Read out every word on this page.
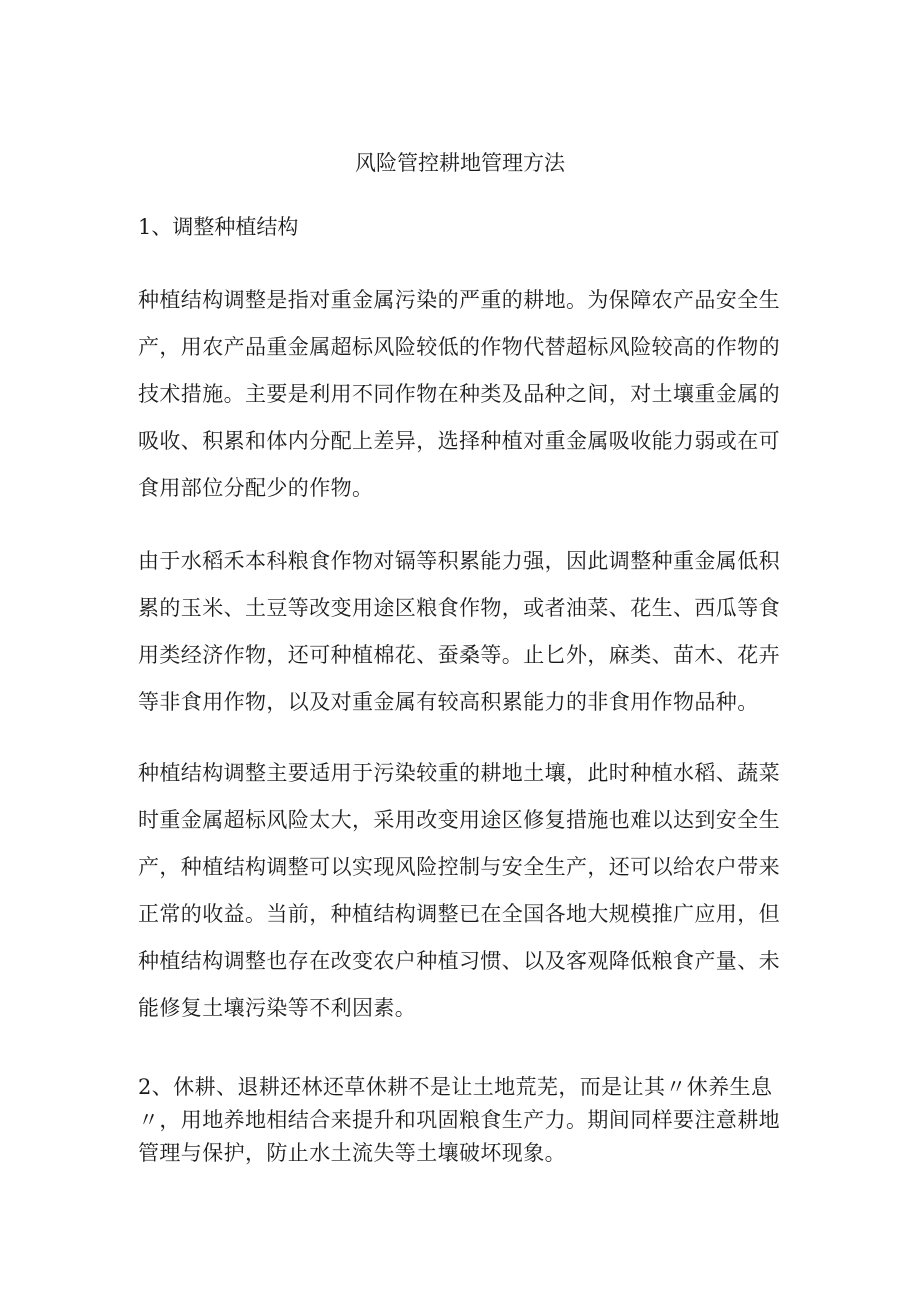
风险管控耕地管理方法
1、调整种植结构

种植结构调整是指对重金属污染的严重的耕地。为保障农产品安全生产，用农产品重金属超标风险较低的作物代替超标风险较高的作物的技术措施。主要是利用不同作物在种类及品种之间，对土壤重金属的吸收、积累和体内分配上差异，选择种植对重金属吸收能力弱或在可食用部位分配少的作物。

由于水稻禾本科粮食作物对镉等积累能力强，因此调整种重金属低积累的玉米、土豆等改变用途区粮食作物，或者油菜、花生、西瓜等食用类经济作物，还可种植棉花、蚕桑等。止匕外，麻类、苗木、花卉等非食用作物，以及对重金属有较高积累能力的非食用作物品种。

种植结构调整主要适用于污染较重的耕地土壤，此时种植水稻、蔬菜时重金属超标风险太大，采用改变用途区修复措施也难以达到安全生产，种植结构调整可以实现风险控制与安全生产，还可以给农户带来正常的收益。当前，种植结构调整已在全国各地大规模推广应用，但种植结构调整也存在改变农户种植习惯、以及客观降低粮食产量、未能修复土壤污染等不利因素。

2、休耕、退耕还林还草休耕不是让土地荒芜，而是让其〃休养生息〃，用地养地相结合来提升和巩固粮食生产力。期间同样要注意耕地管理与保护，防止水土流失等土壤破坏现象。
